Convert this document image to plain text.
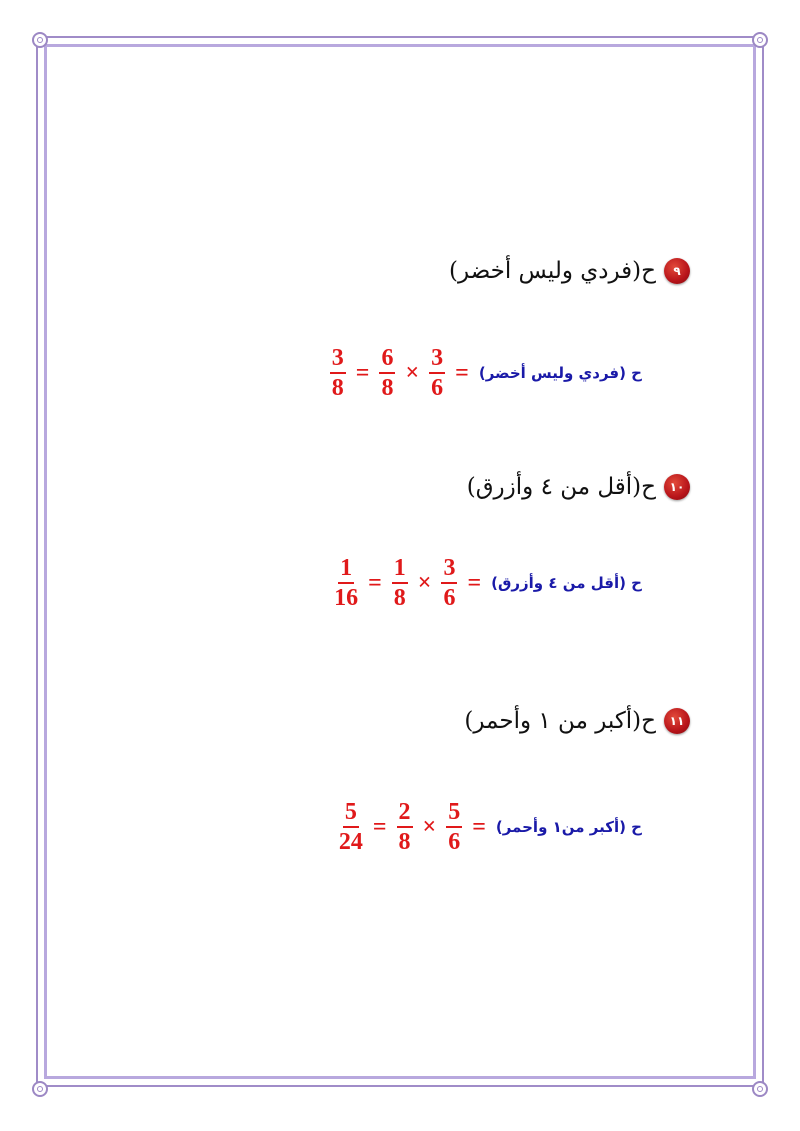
٩
ح(فردي وليس أخضر)
ح (فردي وليس أخضر)
=
$\frac{3}{6}$
×
$\frac{6}{8}$
=
$\frac{3}{8}$
١٠
ح(أقل من ٤ وأزرق)
ح (أقل من ٤ وأزرق)
=
$\frac{3}{6}$
×
$\frac{1}{8}$
=
$\frac{1}{16}$
١١
ح(أكبر من ١ وأحمر)
ح (أكبر من١ وأحمر)
=
$\frac{5}{6}$
×
$\frac{2}{8}$
=
$\frac{5}{24}$
